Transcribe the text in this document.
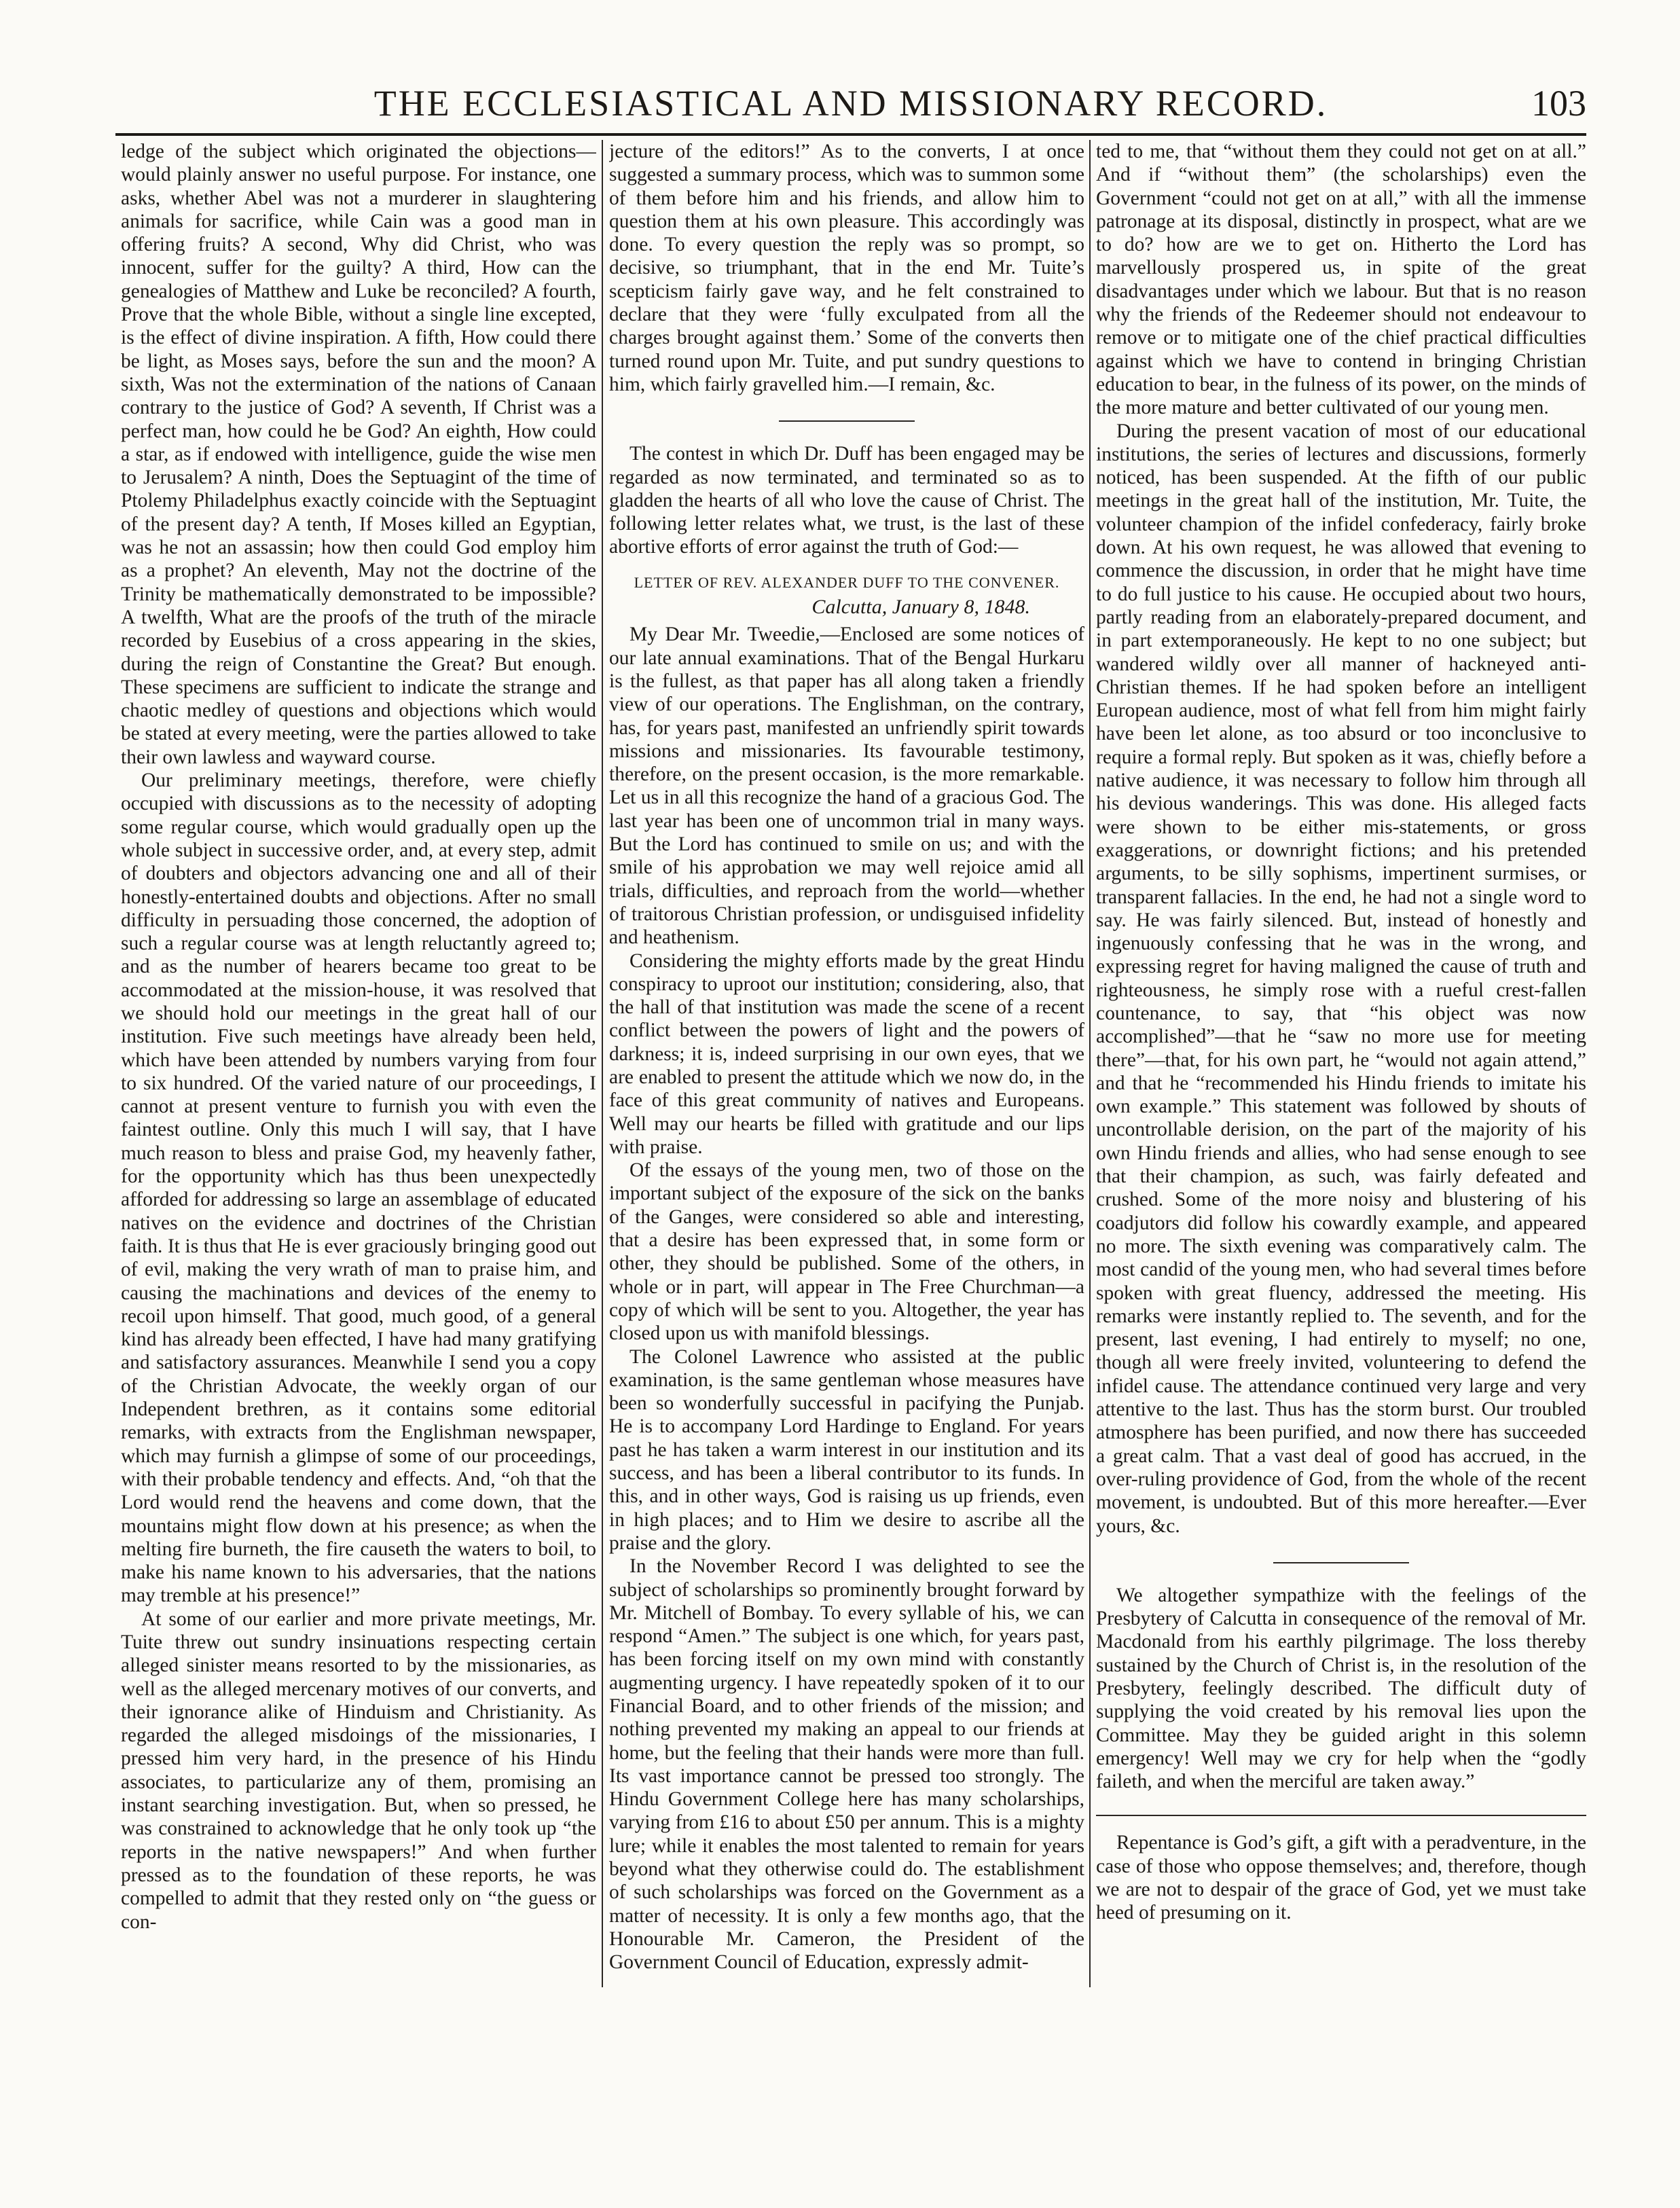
THE ECCLESIASTICAL AND MISSIONARY RECORD.	103

ledge of the subject which originated the objections—would plainly answer no useful purpose. For instance, one asks, whether Abel was not a murderer in slaughtering animals for sacrifice, while Cain was a good man in offering fruits? A second, Why did Christ, who was innocent, suffer for the guilty? A third, How can the genealogies of Matthew and Luke be reconciled? A fourth, Prove that the whole Bible, without a single line excepted, is the effect of divine inspiration. A fifth, How could there be light, as Moses says, before the sun and the moon? A sixth, Was not the extermination of the nations of Canaan contrary to the justice of God? A seventh, If Christ was a perfect man, how could he be God? An eighth, How could a star, as if endowed with intelligence, guide the wise men to Jerusalem? A ninth, Does the Septuagint of the time of Ptolemy Philadelphus exactly coincide with the Septuagint of the present day? A tenth, If Moses killed an Egyptian, was he not an assassin; how then could God employ him as a prophet? An eleventh, May not the doctrine of the Trinity be mathematically demonstrated to be impossible? A twelfth, What are the proofs of the truth of the miracle recorded by Eusebius of a cross appearing in the skies, during the reign of Constantine the Great? But enough. These specimens are sufficient to indicate the strange and chaotic medley of questions and objections which would be stated at every meeting, were the parties allowed to take their own lawless and wayward course.

Our preliminary meetings, therefore, were chiefly occupied with discussions as to the necessity of adopting some regular course, which would gradually open up the whole subject in successive order, and, at every step, admit of doubters and objectors advancing one and all of their honestly-entertained doubts and objections. After no small difficulty in persuading those concerned, the adoption of such a regular course was at length reluctantly agreed to; and as the number of hearers became too great to be accommodated at the mission-house, it was resolved that we should hold our meetings in the great hall of our institution. Five such meetings have already been held, which have been attended by numbers varying from four to six hundred. Of the varied nature of our proceedings, I cannot at present venture to furnish you with even the faintest outline. Only this much I will say, that I have much reason to bless and praise God, my heavenly father, for the opportunity which has thus been unexpectedly afforded for addressing so large an assemblage of educated natives on the evidence and doctrines of the Christian faith. It is thus that He is ever graciously bringing good out of evil, making the very wrath of man to praise him, and causing the machinations and devices of the enemy to recoil upon himself. That good, much good, of a general kind has already been effected, I have had many gratifying and satisfactory assurances. Meanwhile I send you a copy of the Christian Advocate, the weekly organ of our Independent brethren, as it contains some editorial remarks, with extracts from the Englishman newspaper, which may furnish a glimpse of some of our proceedings, with their probable tendency and effects. And, “oh that the Lord would rend the heavens and come down, that the mountains might flow down at his presence; as when the melting fire burneth, the fire causeth the waters to boil, to make his name known to his adversaries, that the nations may tremble at his presence!”

At some of our earlier and more private meetings, Mr. Tuite threw out sundry insinuations respecting certain alleged sinister means resorted to by the missionaries, as well as the alleged mercenary motives of our converts, and their ignorance alike of Hinduism and Christianity. As regarded the alleged misdoings of the missionaries, I pressed him very hard, in the presence of his Hindu associates, to particularize any of them, promising an instant searching investigation. But, when so pressed, he was constrained to acknowledge that he only took up “the reports in the native newspapers!” And when further pressed as to the foundation of these reports, he was compelled to admit that they rested only on “the guess or con-

jecture of the editors!” As to the converts, I at once suggested a summary process, which was to summon some of them before him and his friends, and allow him to question them at his own pleasure. This accordingly was done. To every question the reply was so prompt, so decisive, so triumphant, that in the end Mr. Tuite’s scepticism fairly gave way, and he felt constrained to declare that they were ‘fully exculpated from all the charges brought against them.’ Some of the converts then turned round upon Mr. Tuite, and put sundry questions to him, which fairly gravelled him.—I remain, &c.

The contest in which Dr. Duff has been engaged may be regarded as now terminated, and terminated so as to gladden the hearts of all who love the cause of Christ. The following letter relates what, we trust, is the last of these abortive efforts of error against the truth of God:—

LETTER OF REV. ALEXANDER DUFF TO THE CONVENER.
Calcutta, January 8, 1848.

My Dear Mr. Tweedie,—Enclosed are some notices of our late annual examinations. That of the Bengal Hurkaru is the fullest, as that paper has all along taken a friendly view of our operations. The Englishman, on the contrary, has, for years past, manifested an unfriendly spirit towards missions and missionaries. Its favourable testimony, therefore, on the present occasion, is the more remarkable. Let us in all this recognize the hand of a gracious God. The last year has been one of uncommon trial in many ways. But the Lord has continued to smile on us; and with the smile of his approbation we may well rejoice amid all trials, difficulties, and reproach from the world—whether of traitorous Christian profession, or undisguised infidelity and heathenism.

Considering the mighty efforts made by the great Hindu conspiracy to uproot our institution; considering, also, that the hall of that institution was made the scene of a recent conflict between the powers of light and the powers of darkness; it is, indeed surprising in our own eyes, that we are enabled to present the attitude which we now do, in the face of this great community of natives and Europeans. Well may our hearts be filled with gratitude and our lips with praise.

Of the essays of the young men, two of those on the important subject of the exposure of the sick on the banks of the Ganges, were considered so able and interesting, that a desire has been expressed that, in some form or other, they should be published. Some of the others, in whole or in part, will appear in The Free Churchman—a copy of which will be sent to you. Altogether, the year has closed upon us with manifold blessings.

The Colonel Lawrence who assisted at the public examination, is the same gentleman whose measures have been so wonderfully successful in pacifying the Punjab. He is to accompany Lord Hardinge to England. For years past he has taken a warm interest in our institution and its success, and has been a liberal contributor to its funds. In this, and in other ways, God is raising us up friends, even in high places; and to Him we desire to ascribe all the praise and the glory.

In the November Record I was delighted to see the subject of scholarships so prominently brought forward by Mr. Mitchell of Bombay. To every syllable of his, we can respond “Amen.” The subject is one which, for years past, has been forcing itself on my own mind with constantly augmenting urgency. I have repeatedly spoken of it to our Financial Board, and to other friends of the mission; and nothing prevented my making an appeal to our friends at home, but the feeling that their hands were more than full. Its vast importance cannot be pressed too strongly. The Hindu Government College here has many scholarships, varying from £16 to about £50 per annum. This is a mighty lure; while it enables the most talented to remain for years beyond what they otherwise could do. The establishment of such scholarships was forced on the Government as a matter of necessity. It is only a few months ago, that the Honourable Mr. Cameron, the President of the Government Council of Education, expressly admit-

ted to me, that “without them they could not get on at all.” And if “without them” (the scholarships) even the Government “could not get on at all,” with all the immense patronage at its disposal, distinctly in prospect, what are we to do? how are we to get on. Hitherto the Lord has marvellously prospered us, in spite of the great disadvantages under which we labour. But that is no reason why the friends of the Redeemer should not endeavour to remove or to mitigate one of the chief practical difficulties against which we have to contend in bringing Christian education to bear, in the fulness of its power, on the minds of the more mature and better cultivated of our young men.

During the present vacation of most of our educational institutions, the series of lectures and discussions, formerly noticed, has been suspended. At the fifth of our public meetings in the great hall of the institution, Mr. Tuite, the volunteer champion of the infidel confederacy, fairly broke down. At his own request, he was allowed that evening to commence the discussion, in order that he might have time to do full justice to his cause. He occupied about two hours, partly reading from an elaborately-prepared document, and in part extemporaneously. He kept to no one subject; but wandered wildly over all manner of hackneyed anti-Christian themes. If he had spoken before an intelligent European audience, most of what fell from him might fairly have been let alone, as too absurd or too inconclusive to require a formal reply. But spoken as it was, chiefly before a native audience, it was necessary to follow him through all his devious wanderings. This was done. His alleged facts were shown to be either mis-statements, or gross exaggerations, or downright fictions; and his pretended arguments, to be silly sophisms, impertinent surmises, or transparent fallacies. In the end, he had not a single word to say. He was fairly silenced. But, instead of honestly and ingenuously confessing that he was in the wrong, and expressing regret for having maligned the cause of truth and righteousness, he simply rose with a rueful crest-fallen countenance, to say, that “his object was now accomplished”—that he “saw no more use for meeting there”—that, for his own part, he “would not again attend,” and that he “recommended his Hindu friends to imitate his own example.” This statement was followed by shouts of uncontrollable derision, on the part of the majority of his own Hindu friends and allies, who had sense enough to see that their champion, as such, was fairly defeated and crushed. Some of the more noisy and blustering of his coadjutors did follow his cowardly example, and appeared no more. The sixth evening was comparatively calm. The most candid of the young men, who had several times before spoken with great fluency, addressed the meeting. His remarks were instantly replied to. The seventh, and for the present, last evening, I had entirely to myself; no one, though all were freely invited, volunteering to defend the infidel cause. The attendance continued very large and very attentive to the last. Thus has the storm burst. Our troubled atmosphere has been purified, and now there has succeeded a great calm. That a vast deal of good has accrued, in the over-ruling providence of God, from the whole of the recent movement, is undoubted. But of this more hereafter.—Ever yours, &c.

We altogether sympathize with the feelings of the Presbytery of Calcutta in consequence of the removal of Mr. Macdonald from his earthly pilgrimage. The loss thereby sustained by the Church of Christ is, in the resolution of the Presbytery, feelingly described. The difficult duty of supplying the void created by his removal lies upon the Committee. May they be guided aright in this solemn emergency! Well may we cry for help when the “godly faileth, and when the merciful are taken away.”

Repentance is God’s gift, a gift with a peradventure, in the case of those who oppose themselves; and, therefore, though we are not to despair of the grace of God, yet we must take heed of presuming on it.
